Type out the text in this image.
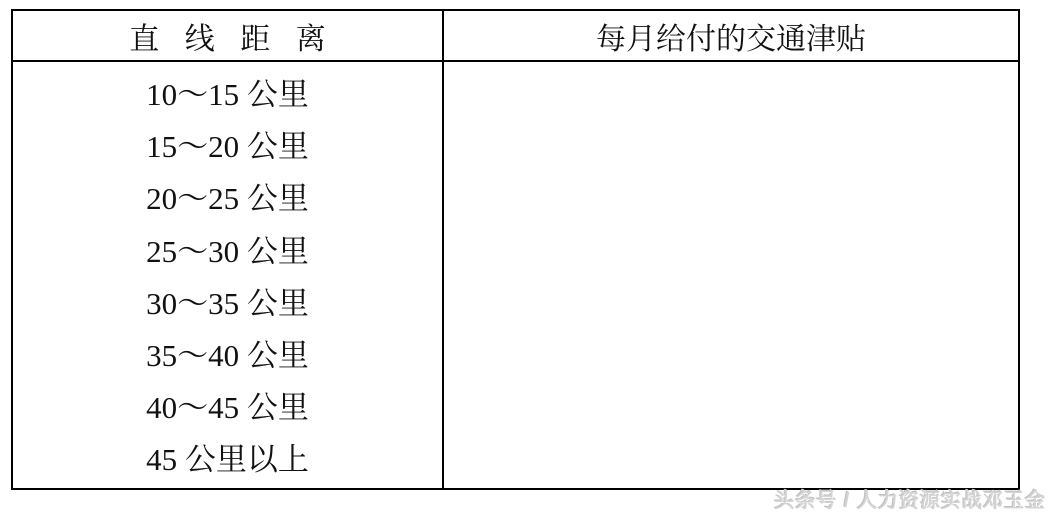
直 线 距 离	每月给付的交通津贴
10～15 公里
15～20 公里
20～25 公里
25～30 公里
30～35 公里
35～40 公里
40～45 公里
45 公里以上
头条号 / 人力资源实战邓玉金
